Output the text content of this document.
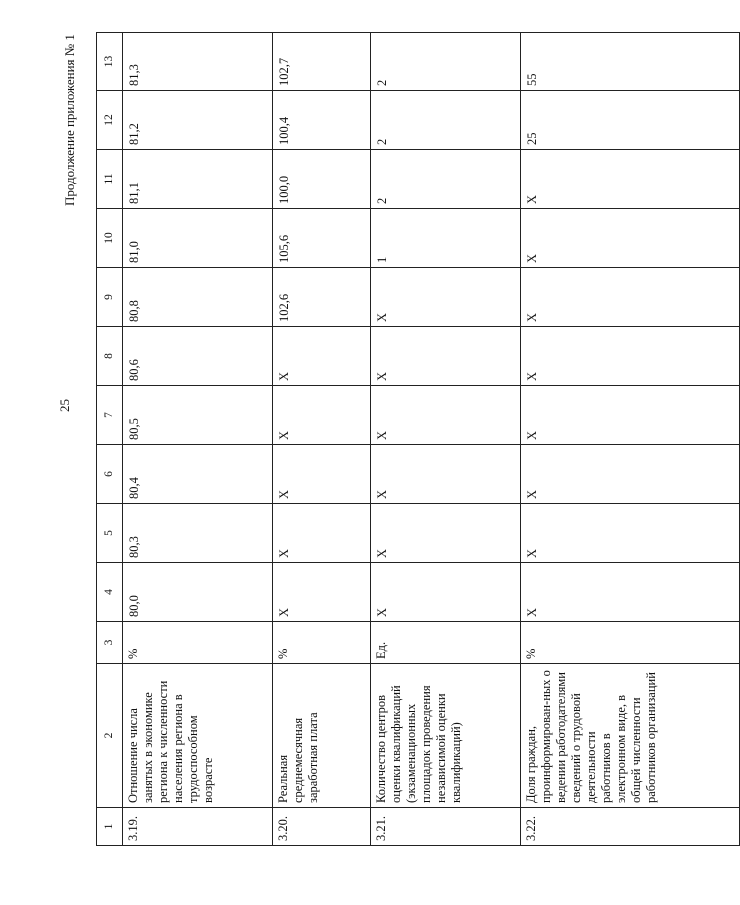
25
Продолжение приложения № 1
1	2	3	4	5	6	7	8	9	10	11	12	13
3.19.	Отношение числа занятых в экономике региона к численности населения региона в трудоспособном возрасте	%	80,0	80,3	80,4	80,5	80,6	80,8	81,0	81,1	81,2	81,3
3.20.	Реальная среднемесячная заработная плата	%	X	X	X	X	X	102,6	105,6	100,0	100,4	102,7
3.21.	Количество центров оценки квалификаций (экзаменационных площадок проведения независимой оценки квалификаций)	Ед.	X	X	X	X	X	X	1	2	2	2
3.22.	Доля граждан, проинформирован-ных о ведении работодателями сведений о трудовой деятельности работников в электронном виде, в общей численности работников организаций	%	X	X	X	X	X	X	X	X	25	55
